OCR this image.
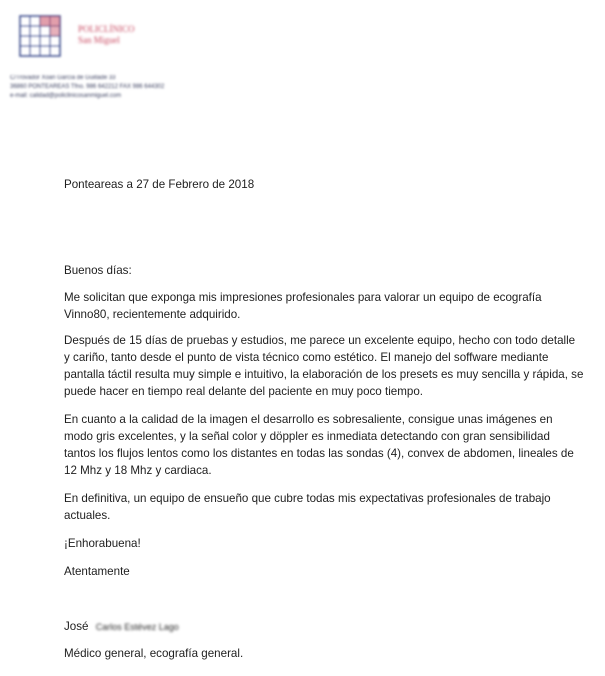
POLICLÍNICO
San Miguel
C/Trovador Xoan García de Guillade 33
36860 PONTEAREAS Tfno. 986 642212 FAX 986 644302
e-mail: calidad@policlinicosanmiguel.com
Ponteareas a 27 de Febrero de 2018
Buenos días:
Me solicitan que exponga mis impresiones profesionales para valorar un equipo de ecografía Vinno80, recientemente adquirido.
Después de 15 días de pruebas y estudios, me parece un excelente equipo, hecho con todo detalle y cariño, tanto desde el punto de vista técnico como estético. El manejo del soffware mediante pantalla táctil resulta muy simple e intuitivo, la elaboración de los presets es muy sencilla y rápida, se puede hacer en tiempo real delante del paciente en muy poco tiempo.
En cuanto a la calidad de la imagen el desarrollo es sobresaliente, consigue unas imágenes en modo gris excelentes, y la señal color y döppler es inmediata detectando con gran sensibilidad tantos los flujos lentos como los distantes en todas las sondas (4), convex de abdomen, lineales de 12 Mhz y 18 Mhz y cardiaca.
En definitiva, un equipo de ensueño que cubre todas mis expectativas profesionales de trabajo actuales.
¡Enhorabuena!
Atentamente
José Carlos Estévez Lago
Médico general, ecografía general.
